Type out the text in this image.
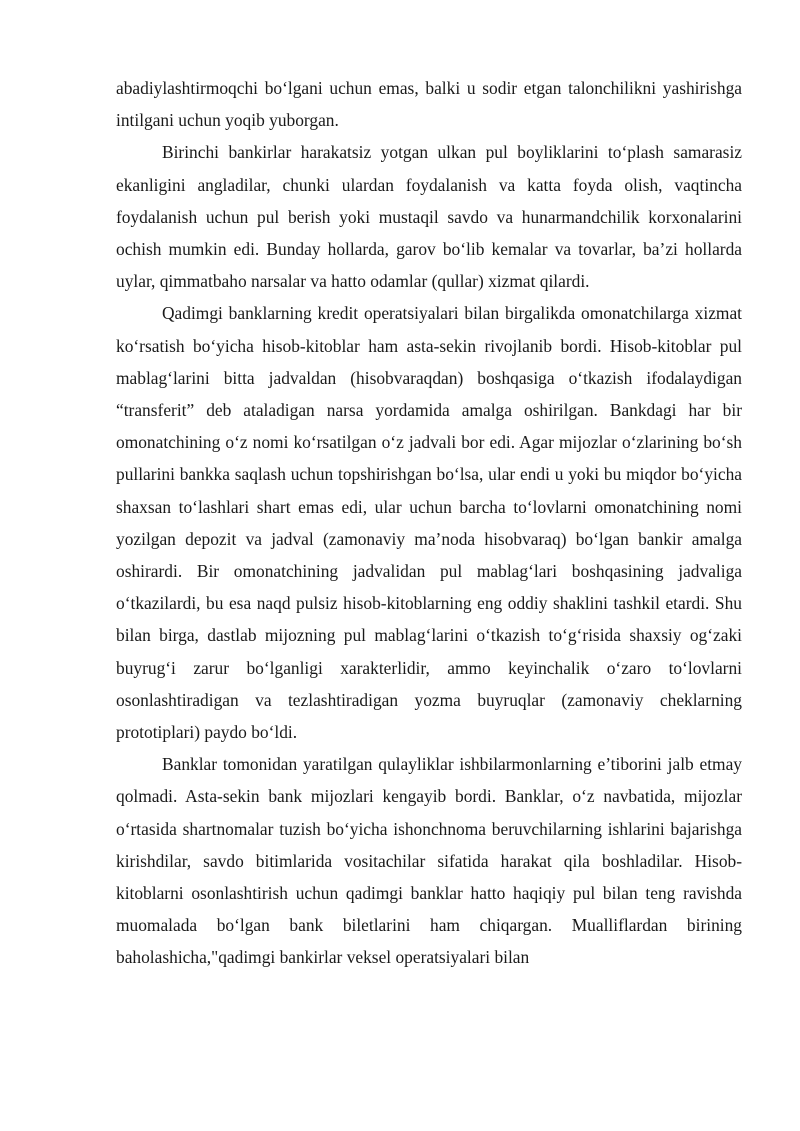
abadiylashtirmoqchi bo‘lgani uchun emas, balki u sodir etgan talonchilikni yashirishga intilgani uchun yoqib yuborgan.

Birinchi bankirlar harakatsiz yotgan ulkan pul boyliklarini to‘plash samarasiz ekanligini angladilar, chunki ulardan foydalanish va katta foyda olish, vaqtincha foydalanish uchun pul berish yoki mustaqil savdo va hunarmandchilik korxonalarini ochish mumkin edi. Bunday hollarda, garov bo‘lib kemalar va tovarlar, ba’zi hollarda uylar, qimmatbaho narsalar va hatto odamlar (qullar) xizmat qilardi.

Qadimgi banklarning kredit operatsiyalari bilan birgalikda omonatchilarga xizmat ko‘rsatish bo‘yicha hisob-kitoblar ham asta-sekin rivojlanib bordi. Hisob-kitoblar pul mablag‘larini bitta jadvaldan (hisobvaraqdan) boshqasiga o‘tkazish ifodalaydigan “transferit” deb ataladigan narsa yordamida amalga oshirilgan. Bankdagi har bir omonatchining o‘z nomi ko‘rsatilgan o‘z jadvali bor edi. Agar mijozlar o‘zlarining bo‘sh pullarini bankka saqlash uchun topshirishgan bo‘lsa, ular endi u yoki bu miqdor bo‘yicha shaxsan to‘lashlari shart emas edi, ular uchun barcha to‘lovlarni omonatchining nomi yozilgan depozit va jadval (zamonaviy ma’noda hisobvaraq) bo‘lgan bankir amalga oshirardi. Bir omonatchining jadvalidan pul mablag‘lari boshqasining jadvaliga o‘tkazilardi, bu esa naqd pulsiz hisob-kitoblarning eng oddiy shaklini tashkil etardi. Shu bilan birga, dastlab mijozning pul mablag‘larini o‘tkazish to‘g‘risida shaxsiy og‘zaki buyrug‘i zarur bo‘lganligi xarakterlidir, ammo keyinchalik o‘zaro to‘lovlarni osonlashtiradigan va tezlashtiradigan yozma buyruqlar (zamonaviy cheklarning prototiplari) paydo bo‘ldi.

Banklar tomonidan yaratilgan qulayliklar ishbilarmonlarning e’tiborini jalb etmay qolmadi. Asta-sekin bank mijozlari kengayib bordi. Banklar, o‘z navbatida, mijozlar o‘rtasida shartnomalar tuzish bo‘yicha ishonchnoma beruvchilarning ishlarini bajarishga kirishdilar, savdo bitimlarida vositachilar sifatida harakat qila boshladilar. Hisob-kitoblarni osonlashtirish uchun qadimgi banklar hatto haqiqiy pul bilan teng ravishda muomalada bo‘lgan bank biletlarini ham chiqargan. Mualliflardan birining baholashicha,"qadimgi bankirlar veksel operatsiyalari bilan
